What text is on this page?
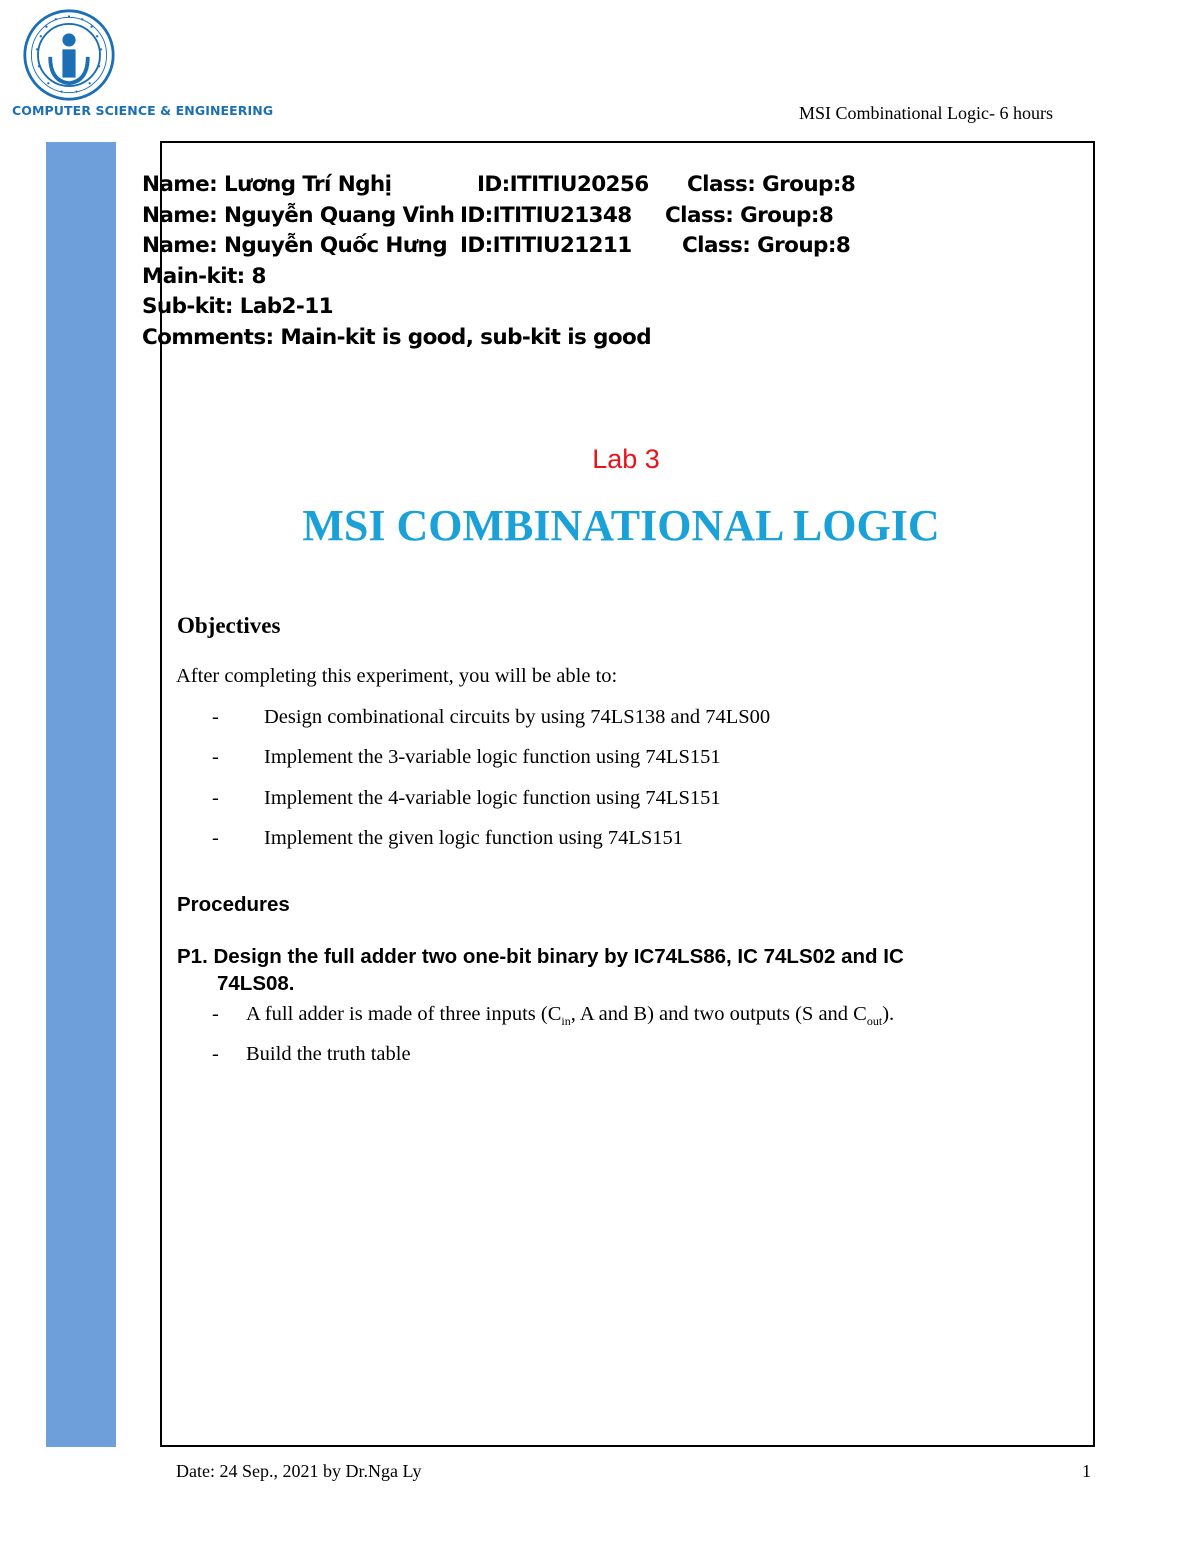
COMPUTER SCIENCE & ENGINEERING	MSI Combinational Logic- 6 hours
Name: Lương Trí Nghị	ID:ITITIU20256 Class: Group:8
Name: Nguyễn Quang Vinh ID:ITITIU21348 Class: Group:8
Name: Nguyễn Quốc Hưng ID:ITITIU21211 Class: Group:8
Main-kit: 8
Sub-kit: Lab2-11
Comments: Main-kit is good, sub-kit is good
Lab 3
MSI COMBINATIONAL LOGIC
Objectives
After completing this experiment, you will be able to:
- Design combinational circuits by using 74LS138 and 74LS00
- Implement the 3-variable logic function using 74LS151
- Implement the 4-variable logic function using 74LS151
- Implement the given logic function using 74LS151
Procedures
P1. Design the full adder two one-bit binary by IC74LS86, IC 74LS02 and IC
74LS08.
- A full adder is made of three inputs ($C_{in}$, A and B) and two outputs (S and $C_{out}$).
- Build the truth table
Date: 24 Sep., 2021 by Dr.Nga Ly	1
